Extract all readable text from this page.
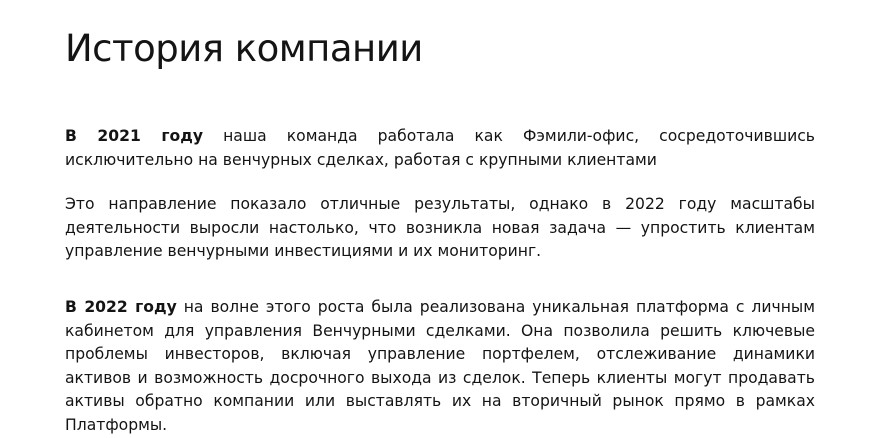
История компании

В 2021 году наша команда работала как Фэмили-офис, сосредоточившись исключительно на венчурных сделках, работая с крупными клиентами

Это направление показало отличные результаты, однако в 2022 году масштабы деятельности выросли настолько, что возникла новая задача — упростить клиентам управление венчурными инвестициями и их мониторинг.

В 2022 году на волне этого роста была реализована уникальная платформа с личным кабинетом для управления Венчурными сделками. Она позволила решить ключевые проблемы инвесторов, включая управление портфелем, отслеживание динамики активов и возможность досрочного выхода из сделок. Теперь клиенты могут продавать активы обратно компании или выставлять их на вторичный рынок прямо в рамках Платформы.
